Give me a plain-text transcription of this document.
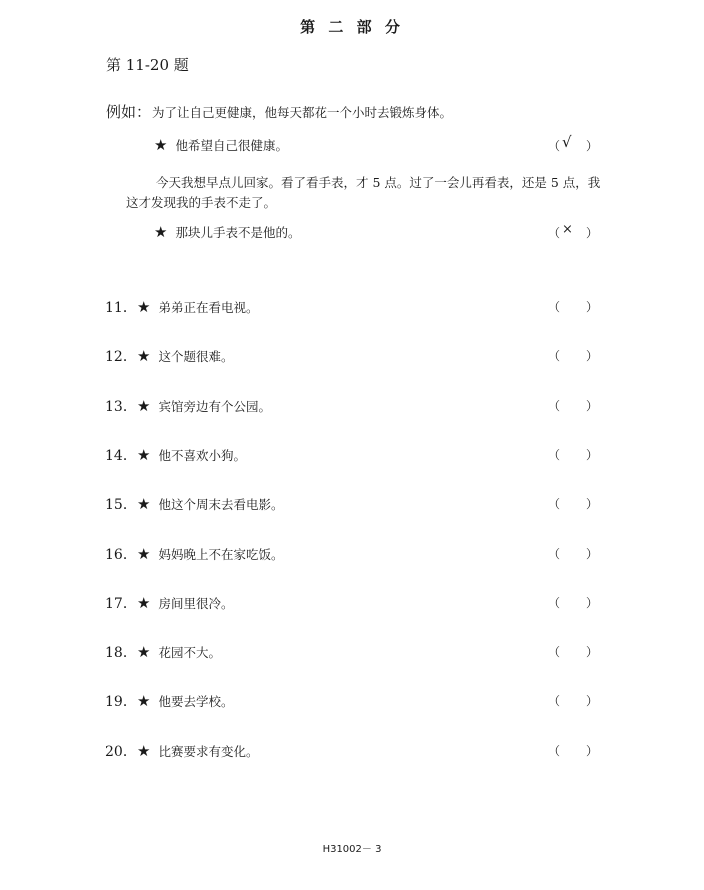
第 二 部 分
第 11-20 题
例如： 为了让自己更健康，他每天都花一个小时去锻炼身体。
★ 他希望自己很健康。	（ √ ）
今天我想早点儿回家。看了看手表，才 5 点。过了一会儿再看表，还是 5 点，我这才发现我的手表不走了。
★ 那块儿手表不是他的。	（ × ）
11．★ 弟弟正在看电视。	（ ）
12．★ 这个题很难。	（ ）
13．★ 宾馆旁边有个公园。	（ ）
14．★ 他不喜欢小狗。	（ ）
15．★ 他这个周末去看电影。	（ ）
16．★ 妈妈晚上不在家吃饭。	（ ）
17．★ 房间里很冷。	（ ）
18．★ 花园不大。	（ ）
19．★ 他要去学校。	（ ）
20．★ 比赛要求有变化。	（ ）
H31002－ 3
